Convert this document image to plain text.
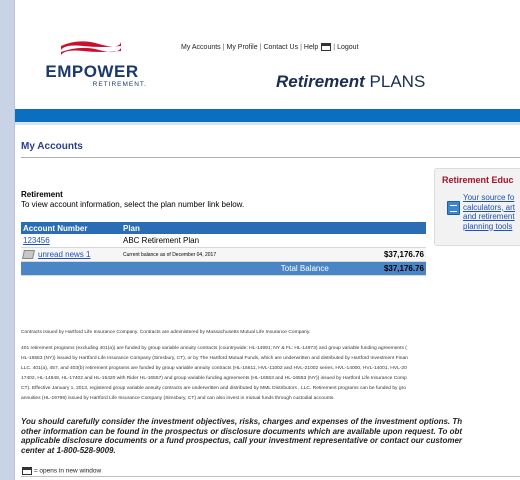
EMPOWER
RETIREMENT.
My Accounts | My Profile | Contact Us | Help | Logout
Retirement PLANS
My Accounts
Retirement Educ
Your source fo
calculators, art
and retirement
planning tools
Retirement
To view account information, select the plan number link below.
Account Number	Plan	
123456	ABC Retirement Plan	
unread news 1	Current balance as of December 04, 2017	$37,176.76
Total Balance		$37,176.76
Contracts issued by Hartford Life Insurance Company. Contracts are administered by Massachusetts Mutual Life Insurance Company.
401 retirement programs (excluding 401(a)) are funded by group variable annuity contracts (countrywide: HL-14991; NY & FL: HL-14973) and group variable funding agreements (
HL-16553 (NY)) issued by Hartford Life Insurance Company (Simsbury, CT), or by The Hartford Mutual Funds, which are underwritten and distributed by Hartford Investment Finan
LLC. 401(a), 457, and 403(b) retirement programs are funded by group variable annuity contracts (HL-15611, HVL-11002 and HVL-21002 series, HVL-14000, HVL-14001, HVL-20
17402, HL-14848, HL-17402 and HL-15420 with Rider HL-16557) and group variable funding agreements (HL-16553 and HL-16553 (NY)) issued by Hartford Life Insurance Comp
CT). Effective January 1, 2013, registered group variable annuity contracts are underwritten and distributed by MML Distributors , LLC. Retirement programs can be funded by gro
annuities (HL-19799) issued by Hartford Life Insurance Company (Simsbury, CT) and can also invest in mutual funds through custodial accounts.
You should carefully consider the investment objectives, risks, charges and expenses of the investment options. Th
other information can be found in the prospectus or disclosure documents which are available upon request. To obt
applicable disclosure documents or a fund prospectus, call your investment representative or contact our customer
center at 1-800-528-9009.
= opens in new window
